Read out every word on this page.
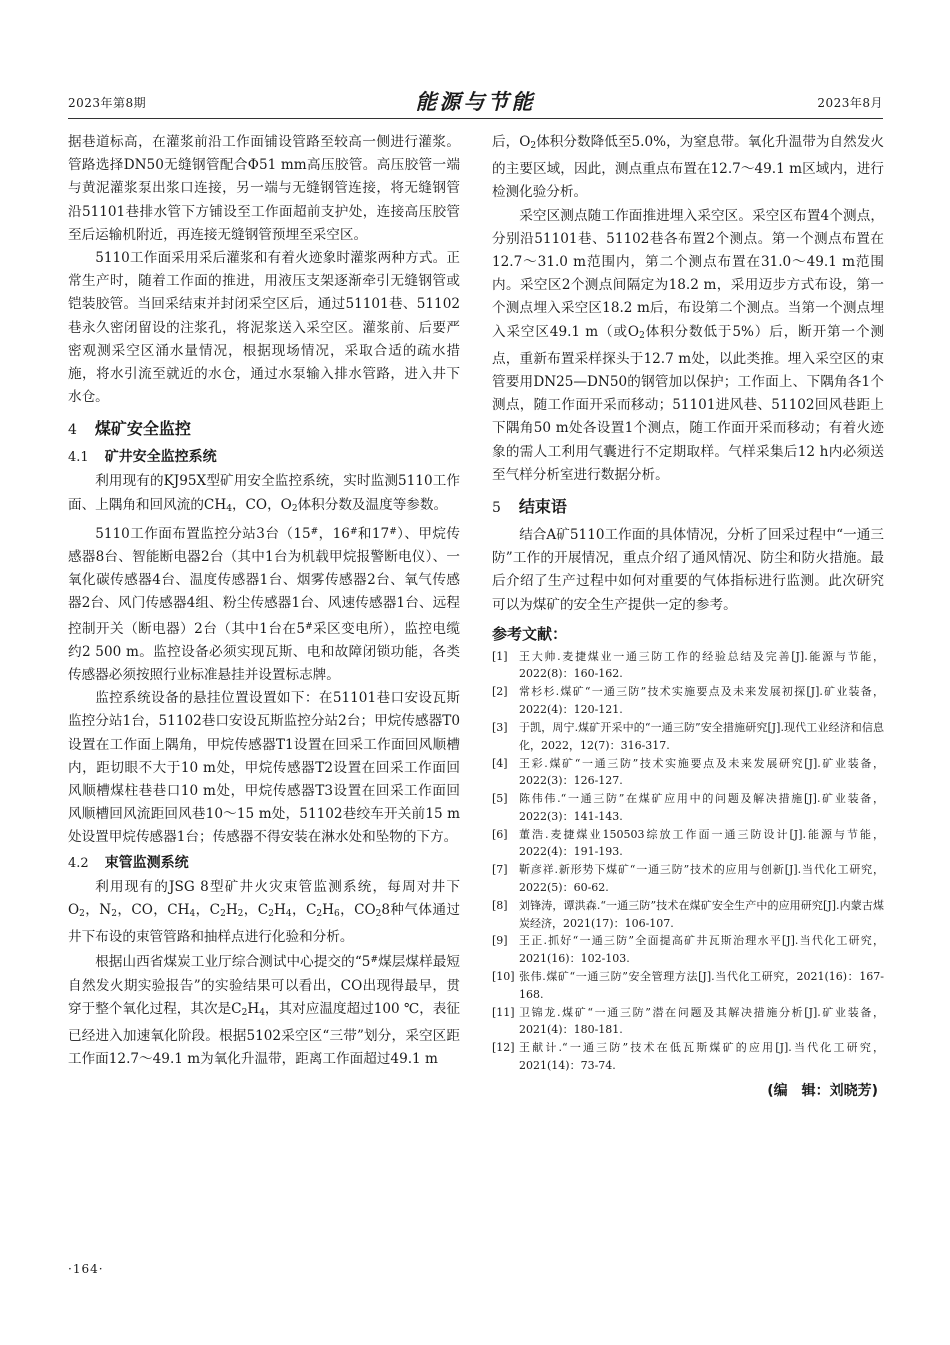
2023年第8期	能源与节能	2023年8月

据巷道标高，在灌浆前沿工作面铺设管路至较高一侧进行灌浆。管路选择DN50无缝钢管配合Φ51 mm高压胶管。高压胶管一端与黄泥灌浆泵出浆口连接，另一端与无缝钢管连接，将无缝钢管沿51101巷排水管下方铺设至工作面超前支护处，连接高压胶管至后运输机附近，再连接无缝钢管预埋至采空区。

5110工作面采用采后灌浆和有着火迹象时灌浆两种方式。正常生产时，随着工作面的推进，用液压支架逐渐牵引无缝钢管或铠装胶管。当回采结束并封闭采空区后，通过51101巷、51102巷永久密闭留设的注浆孔，将泥浆送入采空区。灌浆前、后要严密观测采空区涌水量情况，根据现场情况，采取合适的疏水措施，将水引流至就近的水仓，通过水泵输入排水管路，进入井下水仓。

4 煤矿安全监控
4.1 矿井安全监控系统

利用现有的KJ95X型矿用安全监控系统，实时监测5110工作面、上隅角和回风流的CH4，CO，O2体积分数及温度等参数。

5110工作面布置监控分站3台（15#，16#和17#）、甲烷传感器8台、智能断电器2台（其中1台为机载甲烷报警断电仪）、一氧化碳传感器4台、温度传感器1台、烟雾传感器2台、氧气传感器2台、风门传感器4组、粉尘传感器1台、风速传感器1台、远程控制开关（断电器）2台（其中1台在5#采区变电所），监控电缆约2 500 m。监控设备必须实现瓦斯、电和故障闭锁功能，各类传感器必须按照行业标准悬挂并设置标志牌。

监控系统设备的悬挂位置设置如下：在51101巷口安设瓦斯监控分站1台，51102巷口安设瓦斯监控分站2台；甲烷传感器T0设置在工作面上隅角，甲烷传感器T1设置在回采工作面回风顺槽内，距切眼不大于10 m处，甲烷传感器T2设置在回采工作面回风顺槽煤柱巷巷口10 m处，甲烷传感器T3设置在回采工作面回风顺槽回风流距回风巷10～15 m处，51102巷绞车开关前15 m处设置甲烷传感器1台；传感器不得安装在淋水处和坠物的下方。

4.2 束管监测系统

利用现有的JSG 8型矿井火灾束管监测系统，每周对井下O2，N2，CO，CH4，C2H2，C2H4，C2H6，CO28种气体通过井下布设的束管管路和抽样点进行化验和分析。

根据山西省煤炭工业厅综合测试中心提交的“5#煤层煤样最短自然发火期实验报告”的实验结果可以看出，CO出现得最早，贯穿于整个氧化过程，其次是C2H4，其对应温度超过100 ℃，表征已经进入加速氧化阶段。根据5102采空区“三带”划分，采空区距工作面12.7～49.1 m为氧化升温带，距离工作面超过49.1 m

后，O2体积分数降低至5.0%，为窒息带。氧化升温带为自然发火的主要区域，因此，测点重点布置在12.7～49.1 m区域内，进行检测化验分析。

采空区测点随工作面推进埋入采空区。采空区布置4个测点，分别沿51101巷、51102巷各布置2个测点。第一个测点布置在12.7～31.0 m范围内，第二个测点布置在31.0～49.1 m范围内。采空区2个测点间隔定为18.2 m，采用迈步方式布设，第一个测点埋入采空区18.2 m后，布设第二个测点。当第一个测点埋入采空区49.1 m（或O2体积分数低于5%）后，断开第一个测点，重新布置采样探头于12.7 m处，以此类推。埋入采空区的束管要用DN25—DN50的钢管加以保护；工作面上、下隅角各1个测点，随工作面开采而移动；51101进风巷、51102回风巷距上下隅角50 m处各设置1个测点，随工作面开采而移动；有着火迹象的需人工利用气囊进行不定期取样。气样采集后12 h内必须送至气样分析室进行数据分析。

5 结束语

结合A矿5110工作面的具体情况，分析了回采过程中“一通三防”工作的开展情况，重点介绍了通风情况、防尘和防火措施。最后介绍了生产过程中如何对重要的气体指标进行监测。此次研究可以为煤矿的安全生产提供一定的参考。

参考文献：
[1] 王大帅.麦捷煤业一通三防工作的经验总结及完善[J].能源与节能，2022(8)：160-162.
[2] 常杉杉.煤矿“一通三防”技术实施要点及未来发展初探[J].矿业装备，2022(4)：120-121.
[3] 于凯，周宁.煤矿开采中的“一通三防”安全措施研究[J].现代工业经济和信息化，2022，12(7)：316-317.
[4] 王彩.煤矿“一通三防”技术实施要点及未来发展研究[J].矿业装备，2022(3)：126-127.
[5] 陈伟伟.“一通三防”在煤矿应用中的问题及解决措施[J].矿业装备，2022(3)：141-143.
[6] 董浩.麦捷煤业150503综放工作面一通三防设计[J].能源与节能，2022(4)：191-193.
[7] 靳彦祥.新形势下煤矿“一通三防”技术的应用与创新[J].当代化工研究，2022(5)：60-62.
[8] 刘锋涛，谭洪森.“一通三防”技术在煤矿安全生产中的应用研究[J].内蒙古煤炭经济，2021(17)：106-107.
[9] 王正.抓好“一通三防”全面提高矿井瓦斯治理水平[J].当代化工研究，2021(16)：102-103.
[10] 张伟.煤矿“一通三防”安全管理方法[J].当代化工研究，2021(16)：167-168.
[11] 卫锦龙.煤矿“一通三防”潜在问题及其解决措施分析[J].矿业装备，2021(4)：180-181.
[12] 王献计.“一通三防”技术在低瓦斯煤矿的应用[J].当代化工研究，2021(14)：73-74.
(编　辑：刘晓芳)
·164·
